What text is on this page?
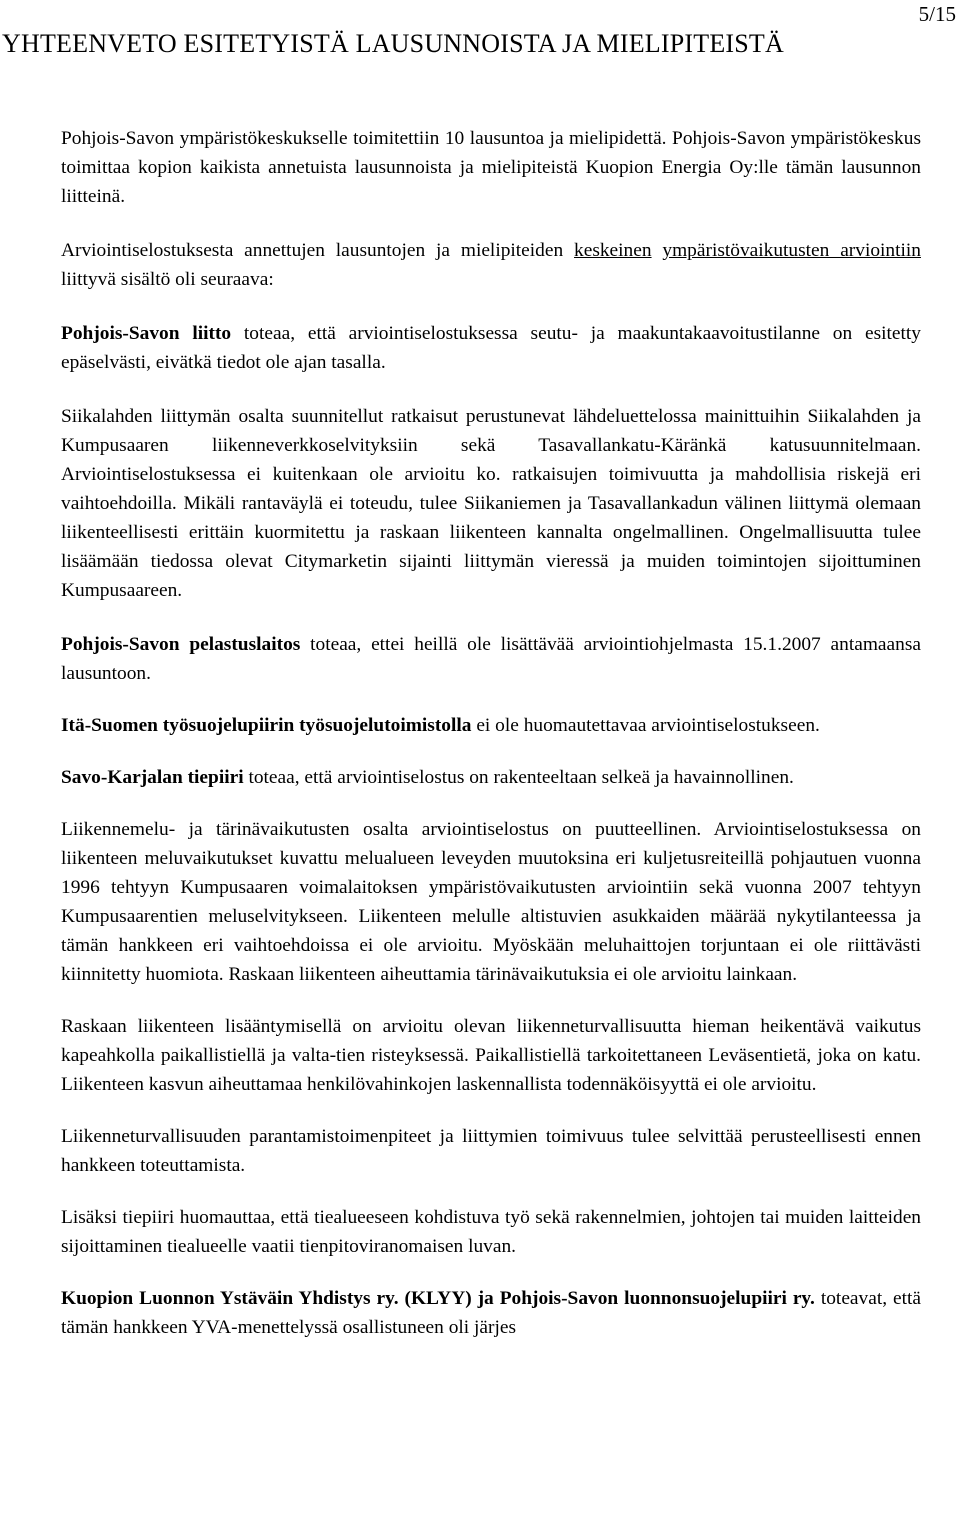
5/15
YHTEENVETO ESITETYISTÄ LAUSUNNOISTA JA MIELIPITEISTÄ

Pohjois-Savon ympäristökeskukselle toimitettiin 10 lausuntoa ja mielipidettä. Pohjois-Savon ympäristökeskus toimittaa kopion kaikista annetuista lausunnoista ja mielipiteistä Kuopion Energia Oy:lle tämän lausunnon liitteinä.

Arviointiselostuksesta annettujen lausuntojen ja mielipiteiden keskeinen ympäristövaikutusten arviointiin liittyvä sisältö oli seuraava:

Pohjois-Savon liitto toteaa, että arviointiselostuksessa seutu- ja maakuntakaavoitustilanne on esitetty epäselvästi, eivätkä tiedot ole ajan tasalla.

Siikalahden liittymän osalta suunnitellut ratkaisut perustunevat lähdeluettelossa mainittuihin Siikalahden ja Kumpusaaren liikenneverkkoselvityksiin sekä Tasavallankatu-Käränkä katusuunnitelmaan. Arviointiselostuksessa ei kuitenkaan ole arvioitu ko. ratkaisujen toimivuutta ja mahdollisia riskejä eri vaihtoehdoilla. Mikäli rantaväylä ei toteudu, tulee Siikaniemen ja Tasavallankadun välinen liittymä olemaan liikenteellisesti erittäin kuormitettu ja raskaan liikenteen kannalta ongelmallinen. Ongelmallisuutta tulee lisäämään tiedossa olevat Citymarketin sijainti liittymän vieressä ja muiden toimintojen sijoittuminen Kumpusaareen.

Pohjois-Savon pelastuslaitos toteaa, ettei heillä ole lisättävää arviointiohjelmasta 15.1.2007 antamaansa lausuntoon.

Itä-Suomen työsuojelupiirin työsuojelutoimistolla ei ole huomautettavaa arviointiselostukseen.

Savo-Karjalan tiepiiri toteaa, että arviointiselostus on rakenteeltaan selkeä ja havainnollinen.

Liikennemelu- ja tärinävaikutusten osalta arviointiselostus on puutteellinen. Arviointiselostuksessa on liikenteen meluvaikutukset kuvattu melualueen leveyden muutoksina eri kuljetusreiteillä pohjautuen vuonna 1996 tehtyyn Kumpusaaren voimalaitoksen ympäristövaikutusten arviointiin sekä vuonna 2007 tehtyyn Kumpusaarentien meluselvitykseen. Liikenteen melulle altistuvien asukkaiden määrää nykytilanteessa ja tämän hankkeen eri vaihtoehdoissa ei ole arvioitu. Myöskään meluhaittojen torjuntaan ei ole riittävästi kiinnitetty huomiota. Raskaan liikenteen aiheuttamia tärinävaikutuksia ei ole arvioitu lainkaan.

Raskaan liikenteen lisääntymisellä on arvioitu olevan liikenneturvallisuutta hieman heikentävä vaikutus kapeahkolla paikallistiellä ja valta-tien risteyksessä. Paikallistiellä tarkoitettaneen Leväsentietä, joka on katu. Liikenteen kasvun aiheuttamaa henkilövahinkojen laskennallista todennäköisyyttä ei ole arvioitu.

Liikenneturvallisuuden parantamistoimenpiteet ja liittymien toimivuus tulee selvittää perusteellisesti ennen hankkeen toteuttamista.

Lisäksi tiepiiri huomauttaa, että tiealueeseen kohdistuva työ sekä rakennelmien, johtojen tai muiden laitteiden sijoittaminen tiealueelle vaatii tienpitoviranomaisen luvan.

Kuopion Luonnon Ystäväin Yhdistys ry. (KLYY) ja Pohjois-Savon luonnonsuojelupiiri ry. toteavat, että tämän hankkeen YVA-menettelyssä osallistuneen oli järjes
